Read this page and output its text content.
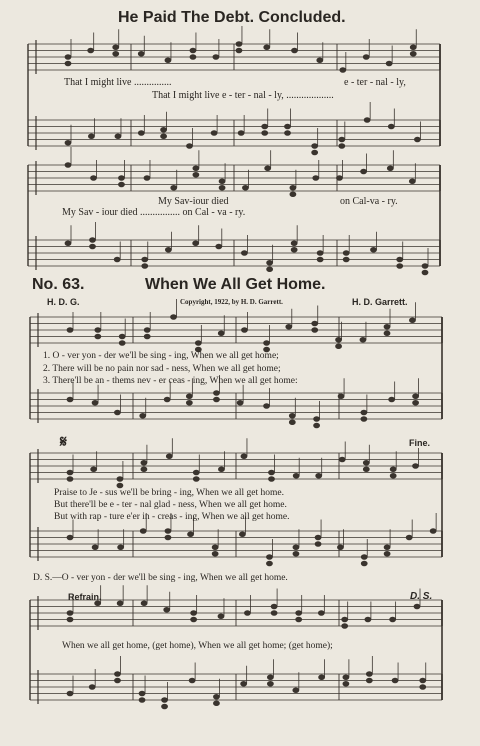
He Paid The Debt. Concluded.
That I might live ...............	e - ter - nal - ly,
That I might live e - ter - nal - ly, ...................
My Sav-iour died	on Cal-va - ry.
My Sav - iour died ................ on Cal - va - ry.
No. 63.	When We All Get Home.
H. D. G.	Copyright, 1922, by H. D. Garrett.	H. D. Garrett.
1. O - ver yon - der we'll be sing - ing, When we all get home;
2. There will be no pain nor sad - ness, When we all get home;
3. There'll be an - thems nev - er ceas - ing, When we all get home:
𝄋	Fine.
Praise to Je - sus we'll be bring - ing, When we all get home.
But there'll be e - ter - nal glad - ness, When we all get home.
But with rap - ture e'er in - creas - ing, When we all get home.
D. S.—O - ver yon - der we'll be sing - ing, When we all get home.
Refrain.	D. S.
When we all get home, (get home), When we all get home; (get home);
